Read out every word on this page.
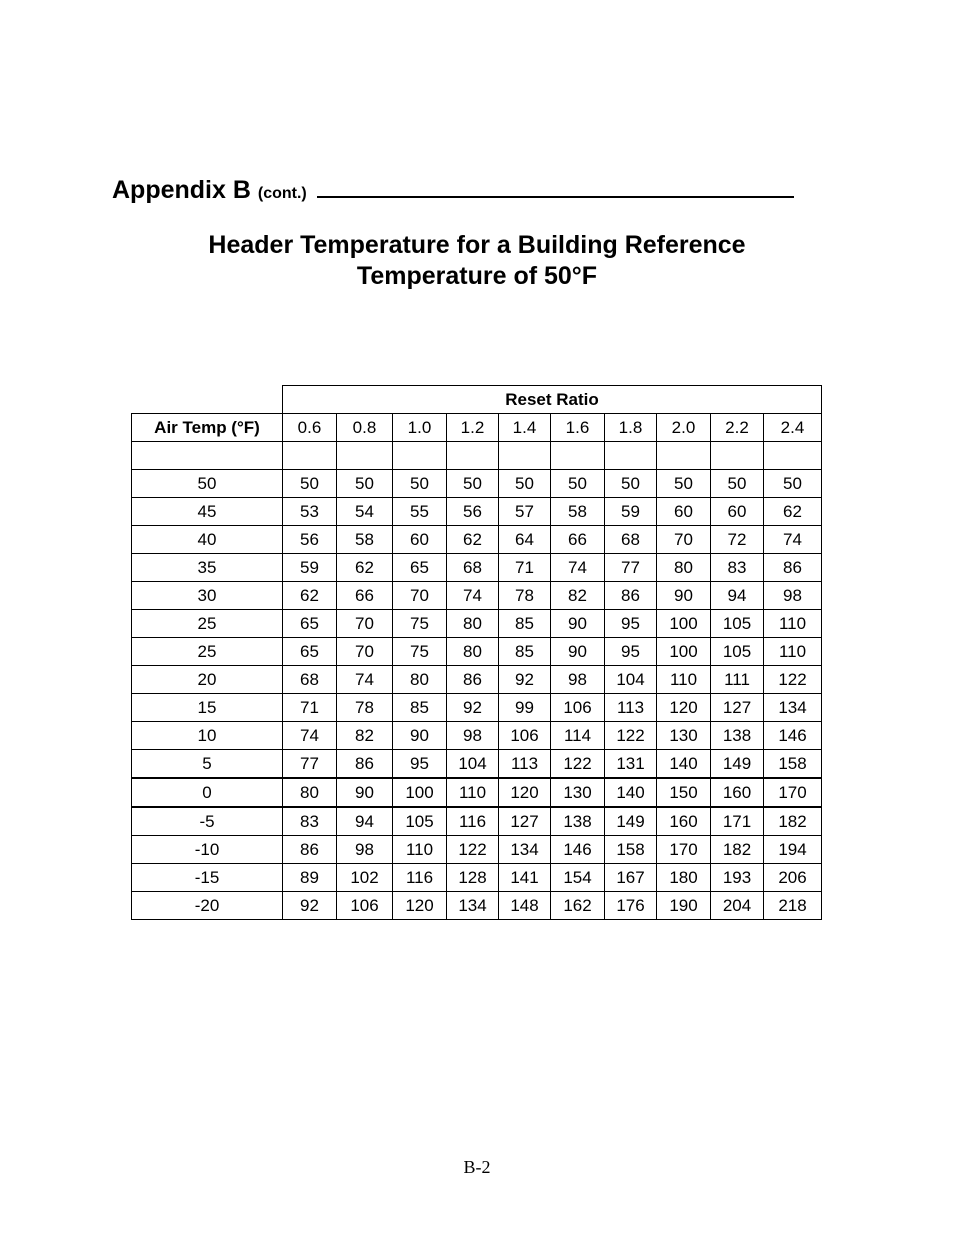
Appendix B (cont.)
Header Temperature for a Building Reference
Temperature of 50°F
	Reset Ratio									
Air Temp (°F)	0.6	0.8	1.0	1.2	1.4	1.6	1.8	2.0	2.2	2.4

50	50	50	50	50	50	50	50	50	50	50
45	53	54	55	56	57	58	59	60	60	62
40	56	58	60	62	64	66	68	70	72	74
35	59	62	65	68	71	74	77	80	83	86
30	62	66	70	74	78	82	86	90	94	98
25	65	70	75	80	85	90	95	100	105	110
25	65	70	75	80	85	90	95	100	105	110
20	68	74	80	86	92	98	104	110	111	122
15	71	78	85	92	99	106	113	120	127	134
10	74	82	90	98	106	114	122	130	138	146
5	77	86	95	104	113	122	131	140	149	158
0	80	90	100	110	120	130	140	150	160	170
-5	83	94	105	116	127	138	149	160	171	182
-10	86	98	110	122	134	146	158	170	182	194
-15	89	102	116	128	141	154	167	180	193	206
-20	92	106	120	134	148	162	176	190	204	218
B-2
